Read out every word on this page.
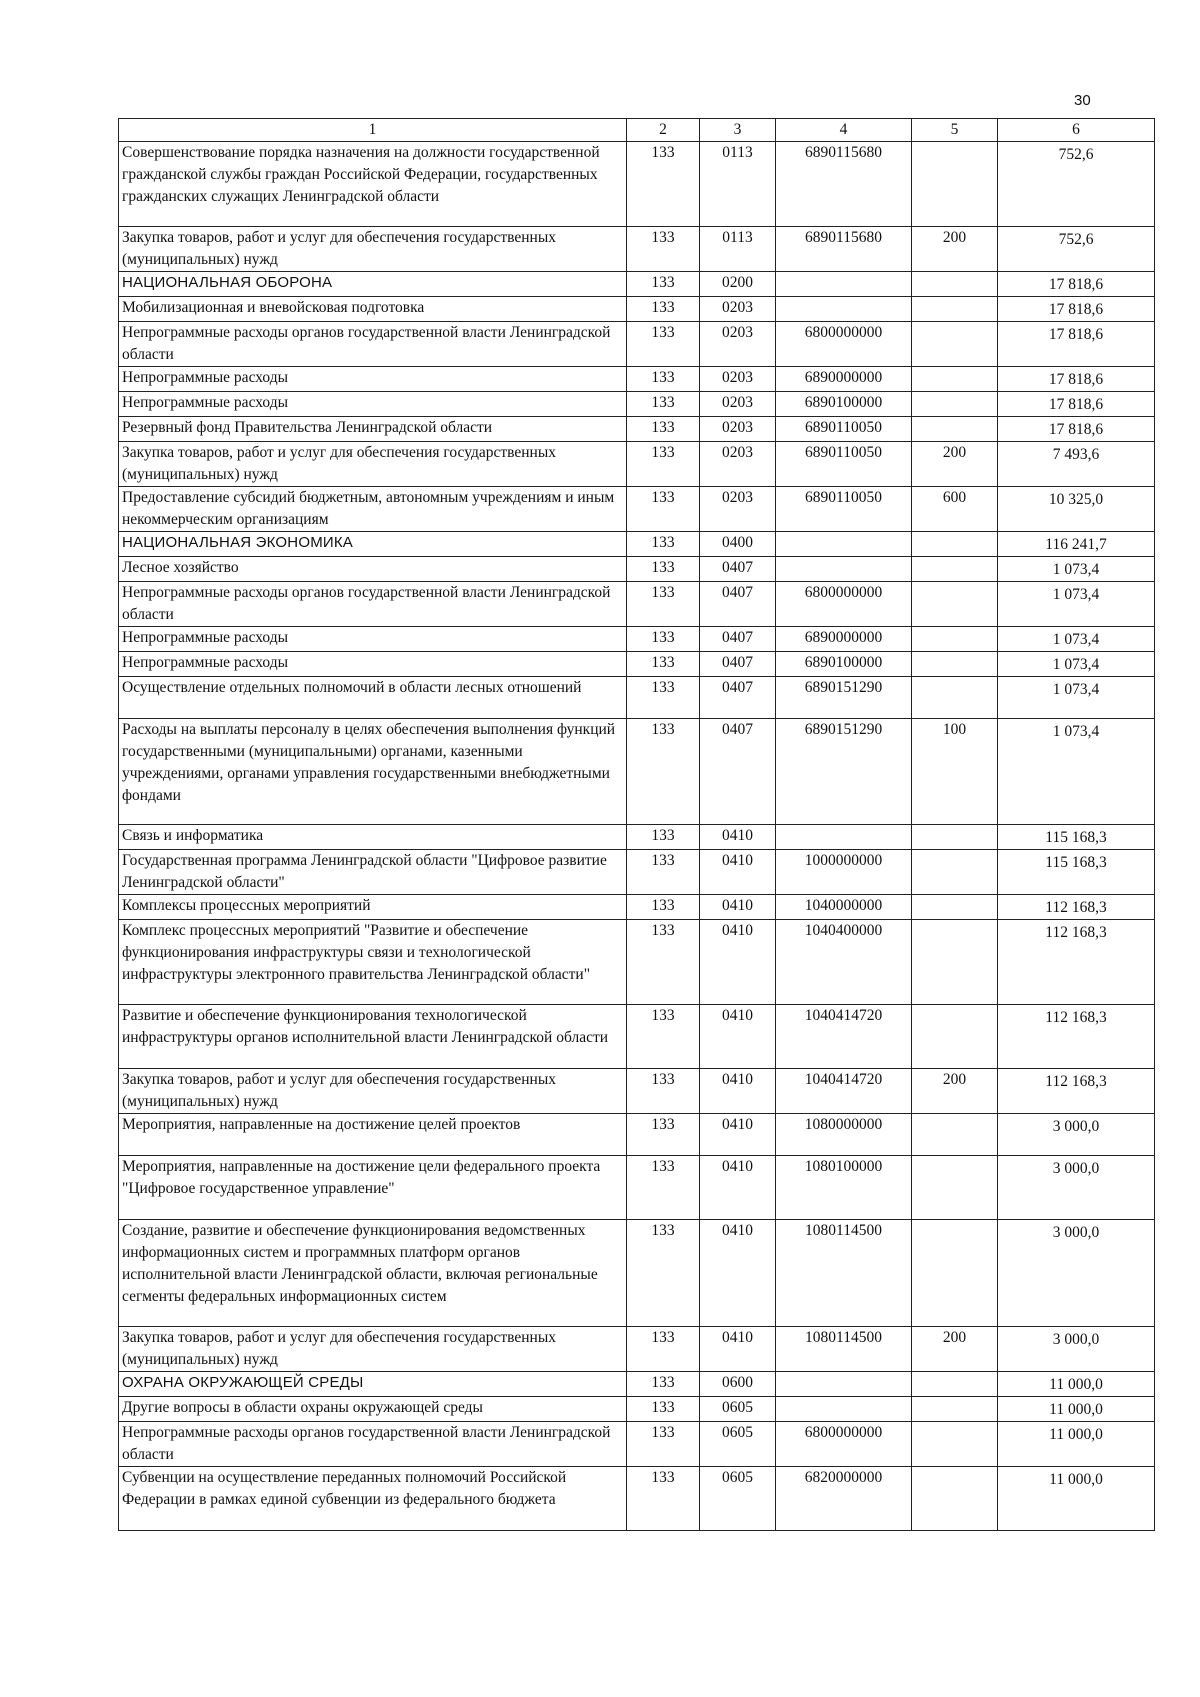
30
1	2	3	4	5	6
Совершенствование порядка назначения на должности государственной гражданской службы граждан Российской Федерации, государственных гражданских служащих Ленинградской области	133	0113	6890115680		752,6
Закупка товаров, работ и услуг для обеспечения государственных (муниципальных) нужд	133	0113	6890115680	200	752,6
НАЦИОНАЛЬНАЯ ОБОРОНА	133	0200			17 818,6
Мобилизационная и вневойсковая подготовка	133	0203			17 818,6
Непрограммные расходы органов государственной власти Ленинградской области	133	0203	6800000000		17 818,6
Непрограммные расходы	133	0203	6890000000		17 818,6
Непрограммные расходы	133	0203	6890100000		17 818,6
Резервный фонд Правительства Ленинградской области	133	0203	6890110050		17 818,6
Закупка товаров, работ и услуг для обеспечения государственных (муниципальных) нужд	133	0203	6890110050	200	7 493,6
Предоставление субсидий бюджетным, автономным учреждениям и иным некоммерческим организациям	133	0203	6890110050	600	10 325,0
НАЦИОНАЛЬНАЯ ЭКОНОМИКА	133	0400			116 241,7
Лесное хозяйство	133	0407			1 073,4
Непрограммные расходы органов государственной власти Ленинградской области	133	0407	6800000000		1 073,4
Непрограммные расходы	133	0407	6890000000		1 073,4
Непрограммные расходы	133	0407	6890100000		1 073,4
Осуществление отдельных полномочий в области лесных отношений	133	0407	6890151290		1 073,4
Расходы на выплаты персоналу в целях обеспечения выполнения функций государственными (муниципальными) органами, казенными учреждениями, органами управления государственными внебюджетными фондами	133	0407	6890151290	100	1 073,4
Связь и информатика	133	0410			115 168,3
Государственная программа Ленинградской области "Цифровое развитие Ленинградской области"	133	0410	1000000000		115 168,3
Комплексы процессных мероприятий	133	0410	1040000000		112 168,3
Комплекс процессных мероприятий "Развитие и обеспечение функционирования инфраструктуры связи и технологической инфраструктуры электронного правительства Ленинградской области"	133	0410	1040400000		112 168,3
Развитие и обеспечение функционирования технологической инфраструктуры органов исполнительной власти Ленинградской области	133	0410	1040414720		112 168,3
Закупка товаров, работ и услуг для обеспечения государственных (муниципальных) нужд	133	0410	1040414720	200	112 168,3
Мероприятия, направленные на достижение целей проектов	133	0410	1080000000		3 000,0
Мероприятия, направленные на достижение цели федерального проекта "Цифровое государственное управление"	133	0410	1080100000		3 000,0
Создание, развитие и обеспечение функционирования ведомственных информационных систем и программных платформ органов исполнительной власти Ленинградской области, включая региональные сегменты федеральных информационных систем	133	0410	1080114500		3 000,0
Закупка товаров, работ и услуг для обеспечения государственных (муниципальных) нужд	133	0410	1080114500	200	3 000,0
ОХРАНА ОКРУЖАЮЩЕЙ СРЕДЫ	133	0600			11 000,0
Другие вопросы в области охраны окружающей среды	133	0605			11 000,0
Непрограммные расходы органов государственной власти Ленинградской области	133	0605	6800000000		11 000,0
Субвенции на осуществление переданных полномочий Российской Федерации в рамках единой субвенции из федерального бюджета	133	0605	6820000000		11 000,0
